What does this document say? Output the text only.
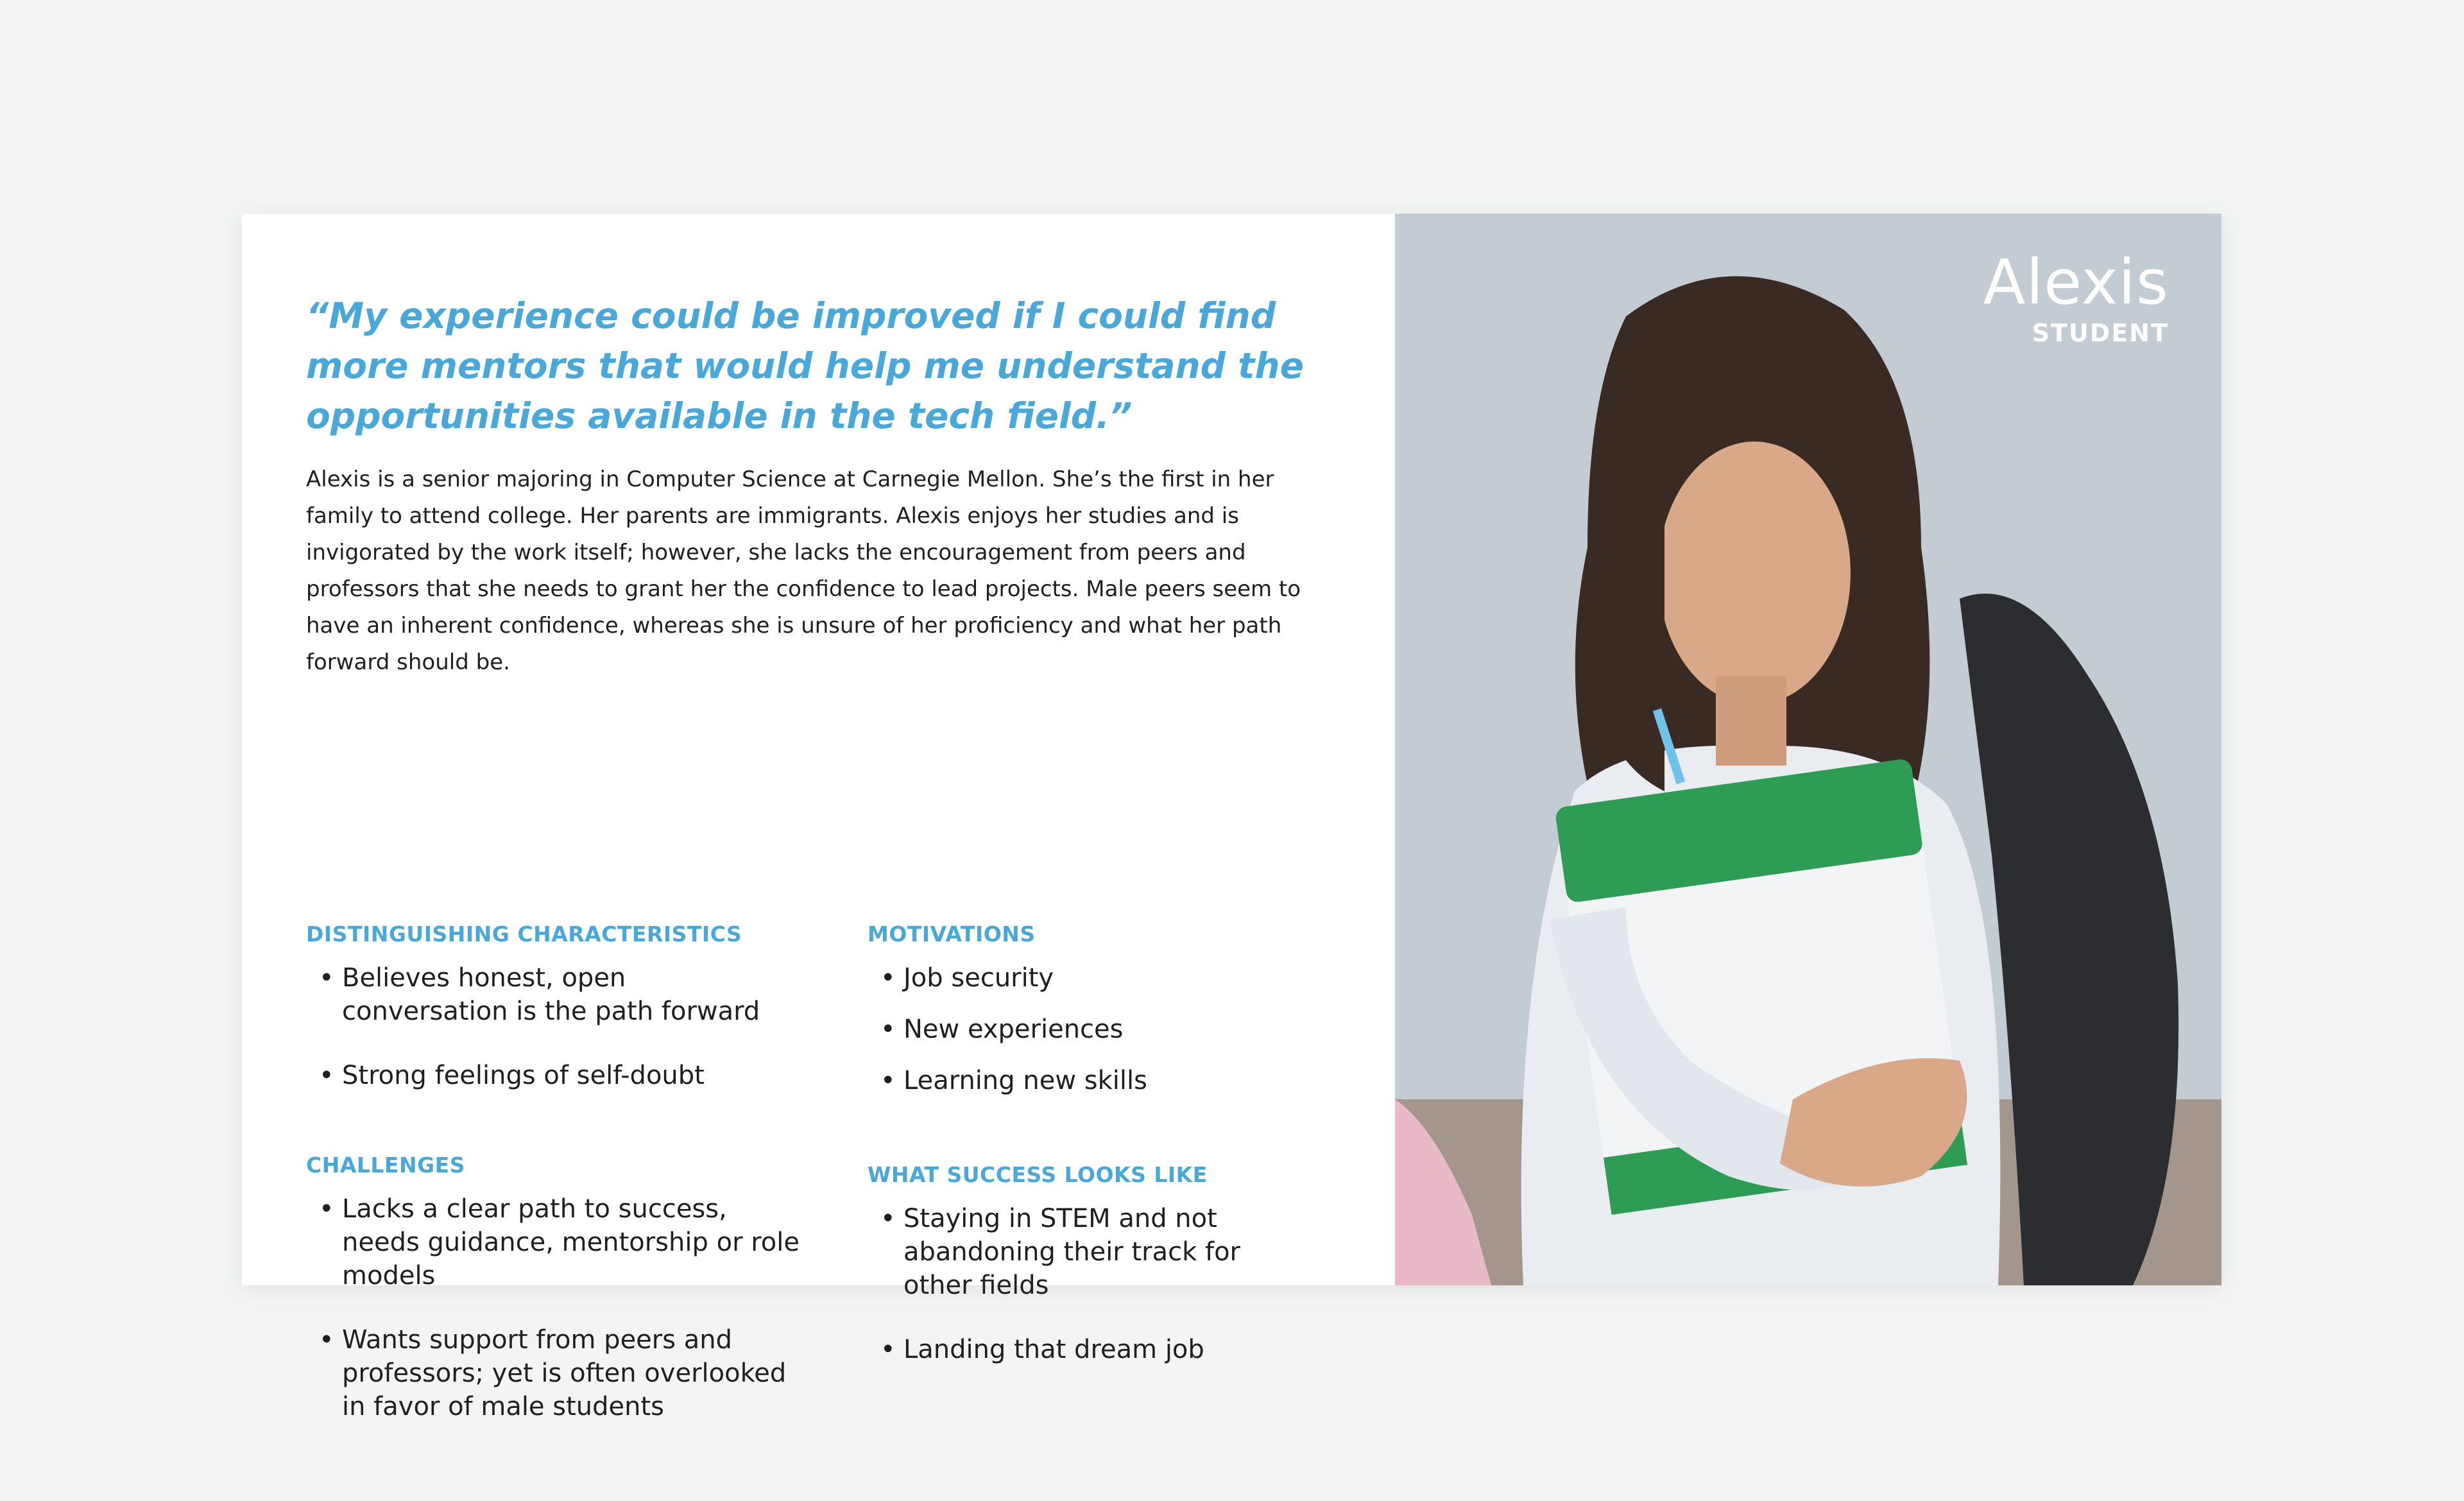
“My experience could be improved if I could find more mentors that would help me understand the opportunities available in the tech field.”

Alexis is a senior majoring in Computer Science at Carnegie Mellon. She’s the first in her family to attend college. Her parents are immigrants. Alexis enjoys her studies and is invigorated by the work itself; however, she lacks the encouragement from peers and professors that she needs to grant her the confidence to lead projects. Male peers seem to have an inherent confidence, whereas she is unsure of her proficiency and what her path forward should be.

DISTINGUISHING CHARACTERISTICS
• Believes honest, open conversation is the path forward
• Strong feelings of self-doubt
CHALLENGES
• Lacks a clear path to success, needs guidance, mentorship or role models
• Wants support from peers and professors; yet is often overlooked in favor of male students
MOTIVATIONS
• Job security
• New experiences
• Learning new skills
WHAT SUCCESS LOOKS LIKE
• Staying in STEM and not abandoning their track for other fields
• Landing that dream job
Alexis
STUDENT
